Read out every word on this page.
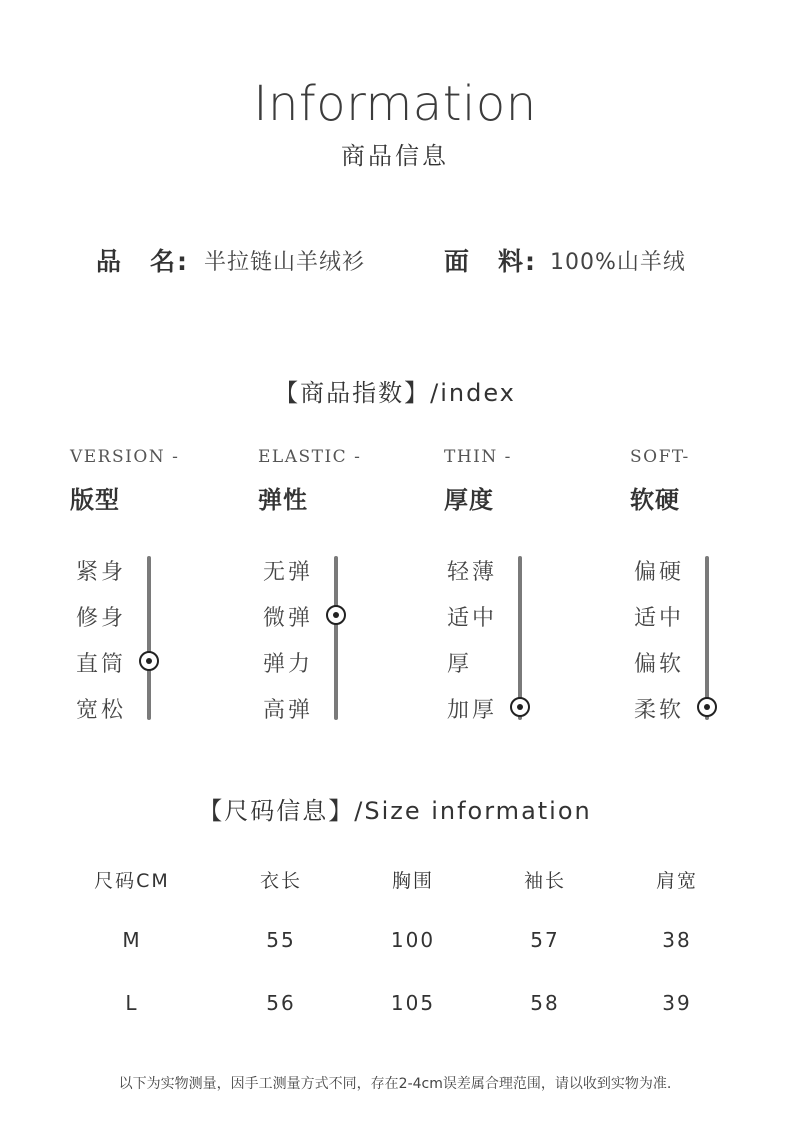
Information
商品信息
品　名: 半拉链山羊绒衫	面　料: 100%山羊绒
【商品指数】/index
VERSION -
版型
紧身
修身
直筒
宽松
ELASTIC -
弹性
无弹
微弹
弹力
高弹
THIN -
厚度
轻薄
适中
厚
加厚
SOFT-
软硬
偏硬
适中
偏软
柔软
【尺码信息】/Size information
尺码CM	衣长	胸围	袖长	肩宽
M	55	100	57	38
L	56	105	58	39
以下为实物测量，因手工测量方式不同，存在2-4cm误差属合理范围，请以收到实物为准.
